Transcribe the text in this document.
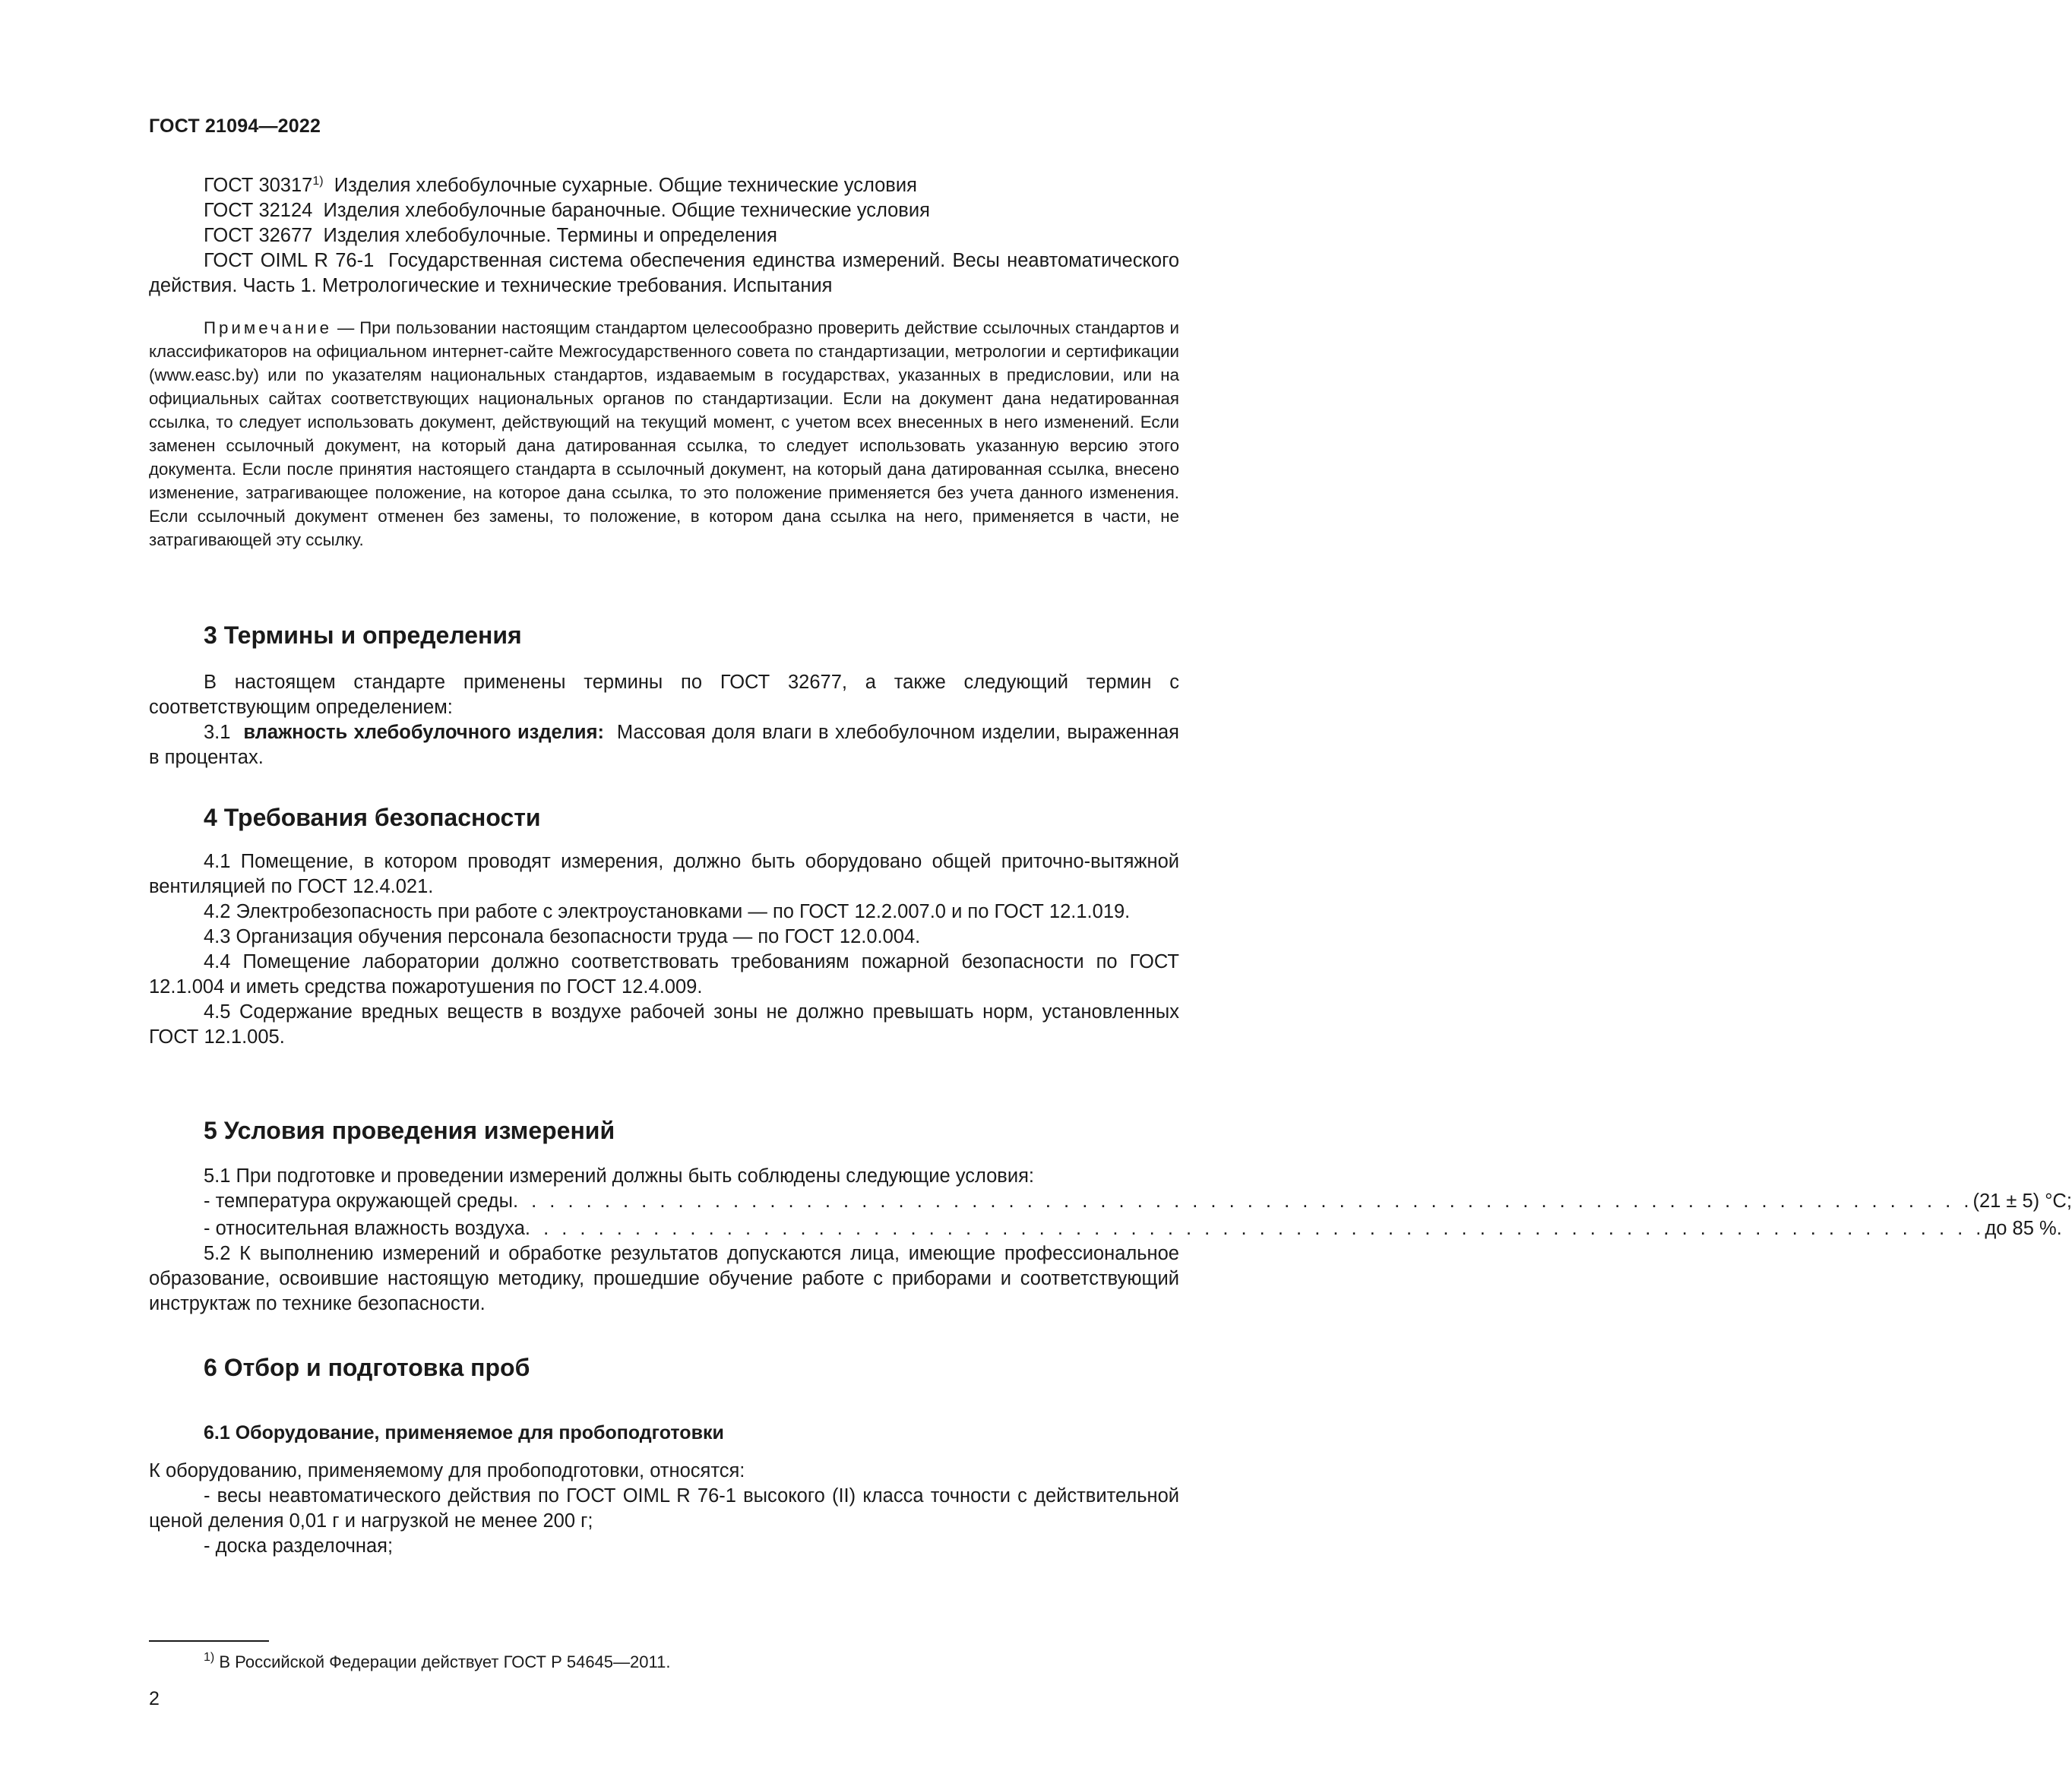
ГОСТ 21094—2022
ГОСТ 30317$^{1)}$ Изделия хлебобулочные сухарные. Общие технические условия
ГОСТ 32124 Изделия хлебобулочные бараночные. Общие технические условия
ГОСТ 32677 Изделия хлебобулочные. Термины и определения

ГОСТ OIML R 76-1 Государственная система обеспечения единства измерений. Весы неавтоматического действия. Часть 1. Метрологические и технические требования. Испытания

Примечание — При пользовании настоящим стандартом целесообразно проверить действие ссылочных стандартов и классификаторов на официальном интернет-сайте Межгосударственного совета по стандартизации, метрологии и сертификации (www.easc.by) или по указателям национальных стандартов, издаваемым в государствах, указанных в предисловии, или на официальных сайтах соответствующих национальных органов по стандартизации. Если на документ дана недатированная ссылка, то следует использовать документ, действующий на текущий момент, с учетом всех внесенных в него изменений. Если заменен ссылочный документ, на который дана датированная ссылка, то следует использовать указанную версию этого документа. Если после принятия настоящего стандарта в ссылочный документ, на который дана датированная ссылка, внесено изменение, затрагивающее положение, на которое дана ссылка, то это положение применяется без учета данного изменения. Если ссылочный документ отменен без замены, то положение, в котором дана ссылка на него, применяется в части, не затрагивающей эту ссылку.

3 Термины и определения

В настоящем стандарте применены термины по ГОСТ 32677, а также следующий термин с соответствующим определением:

3.1 влажность хлебобулочного изделия: Массовая доля влаги в хлебобулочном изделии, выраженная в процентах.

4 Требования безопасности

4.1 Помещение, в котором проводят измерения, должно быть оборудовано общей приточно-вытяжной вентиляцией по ГОСТ 12.4.021.

4.2 Электробезопасность при работе с электроустановками — по ГОСТ 12.2.007.0 и по ГОСТ 12.1.019.

4.3 Организация обучения персонала безопасности труда — по ГОСТ 12.0.004.

4.4 Помещение лаборатории должно соответствовать требованиям пожарной безопасности по ГОСТ 12.1.004 и иметь средства пожаротушения по ГОСТ 12.4.009.

4.5 Содержание вредных веществ в воздухе рабочей зоны не должно превышать норм, установленных ГОСТ 12.1.005.

5 Условия проведения измерений

5.1 При подготовке и проведении измерений должны быть соблюдены следующие условия:

- температура окружающей среды . . . . . . . . . . . . . . . . . . . . . . . . . . . . . . . . . . . . . . . . . . . . . . . . . . . . . . . . . . . . . . . . . . . . . . . . . . . . . . . . (21 ± 5) °С;
- относительная влажность воздуха . . . . . . . . . . . . . . . . . . . . . . . . . . . . . . . . . . . . . . . . . . . . . . . . . . . . . . . . . . . . . . . . . . . . . . . . . . . . . . . . до 85 %.

5.2 К выполнению измерений и обработке результатов допускаются лица, имеющие профессиональное образование, освоившие настоящую методику, прошедшие обучение работе с приборами и соответствующий инструктаж по технике безопасности.

6 Отбор и подготовка проб
6.1 Оборудование, применяемое для пробоподготовки

К оборудованию, применяемому для пробоподготовки, относятся:

- весы неавтоматического действия по ГОСТ OIML R 76-1 высокого (II) класса точности с действительной ценой деления 0,01 г и нагрузкой не менее 200 г;

- доска разделочная;

$^{1)}$ В Российской Федерации действует ГОСТ Р 54645—2011.
2
